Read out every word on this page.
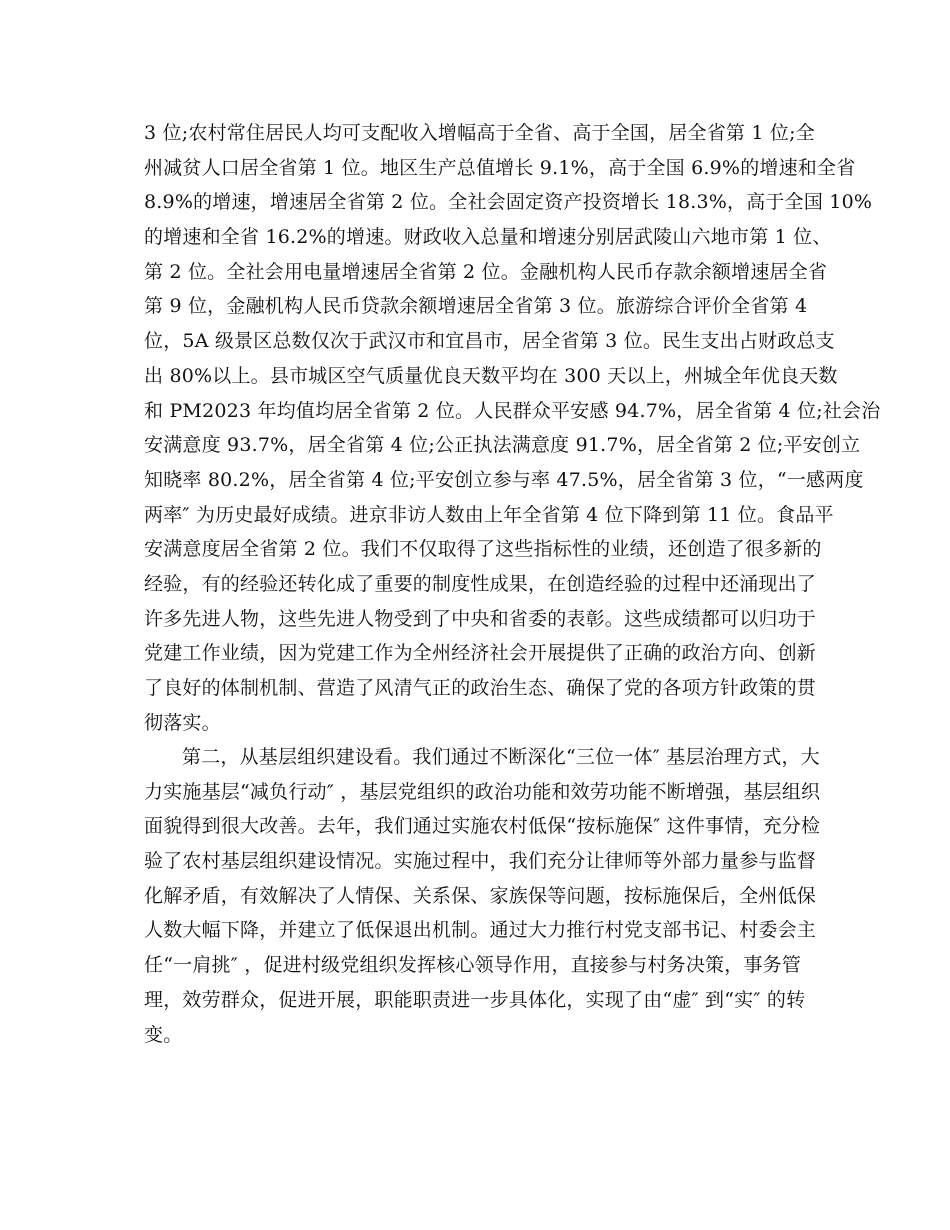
3 位;农村常住居民人均可支配收入增幅高于全省、高于全国，居全省第 1 位;全
州减贫人口居全省第 1 位。地区生产总值增长 9.1%，高于全国 6.9%的增速和全省
8.9%的增速，增速居全省第 2 位。全社会固定资产投资增长 18.3%，高于全国 10%
的增速和全省 16.2%的增速。财政收入总量和增速分别居武陵山六地市第 1 位、
第 2 位。全社会用电量增速居全省第 2 位。金融机构人民币存款余额增速居全省
第 9 位，金融机构人民币贷款余额增速居全省第 3 位。旅游综合评价全省第 4
位，5A 级景区总数仅次于武汉市和宜昌市，居全省第 3 位。民生支出占财政总支
出 80%以上。县市城区空气质量优良天数平均在 300 天以上，州城全年优良天数
和 PM2023 年均值均居全省第 2 位。人民群众平安感 94.7%，居全省第 4 位;社会治
安满意度 93.7%，居全省第 4 位;公正执法满意度 91.7%，居全省第 2 位;平安创立
知晓率 80.2%，居全省第 4 位;平安创立参与率 47.5%，居全省第 3 位，“一感两度
两率″ 为历史最好成绩。进京非访人数由上年全省第 4 位下降到第 11 位。食品平
安满意度居全省第 2 位。我们不仅取得了这些指标性的业绩，还创造了很多新的
经验，有的经验还转化成了重要的制度性成果，在创造经验的过程中还涌现出了
许多先进人物，这些先进人物受到了中央和省委的表彰。这些成绩都可以归功于
党建工作业绩，因为党建工作为全州经济社会开展提供了正确的政治方向、创新
了良好的体制机制、营造了风清气正的政治生态、确保了党的各项方针政策的贯
彻落实。
第二，从基层组织建设看。我们通过不断深化“三位一体″ 基层治理方式，大
力实施基层“减负行动″ ，基层党组织的政治功能和效劳功能不断增强，基层组织
面貌得到很大改善。去年，我们通过实施农村低保“按标施保″ 这件事情，充分检
验了农村基层组织建设情况。实施过程中，我们充分让律师等外部力量参与监督
化解矛盾，有效解决了人情保、关系保、家族保等问题，按标施保后，全州低保
人数大幅下降，并建立了低保退出机制。通过大力推行村党支部书记、村委会主
任“一肩挑″ ，促进村级党组织发挥核心领导作用，直接参与村务决策，事务管
理，效劳群众，促进开展，职能职责进一步具体化，实现了由“虚″ 到“实″ 的转
变。
